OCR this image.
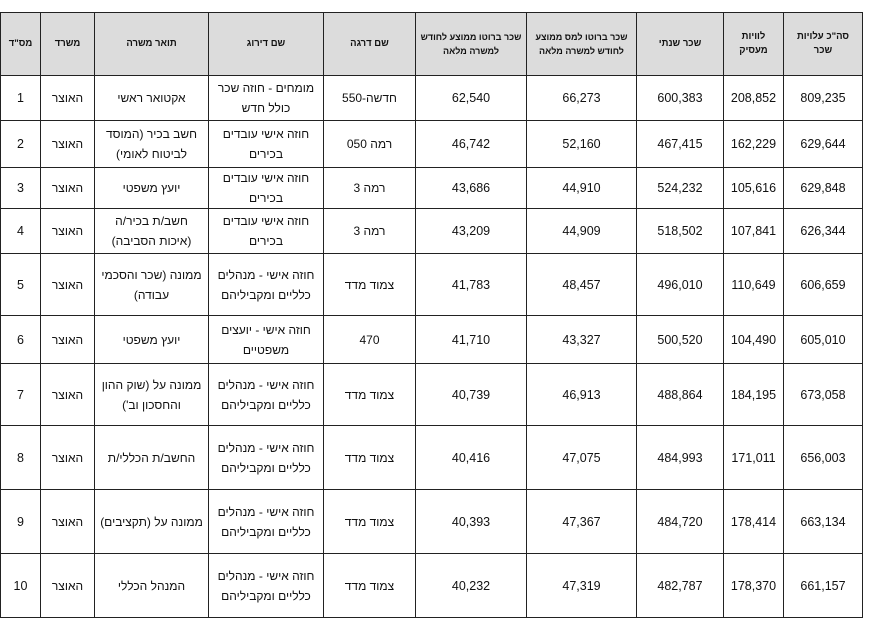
מס"ד	משרד	תואר משרה	שם דירוג	שם דרגה	שכר ברוטו ממוצע לחודש למשרה מלאה	שכר ברוטו למס ממוצע לחודש למשרה מלאה	שכר שנתי	לוויות מעסיק	סה"כ עלויות שכר
1	האוצר	אקטואר ראשי	מומחים - חוזה שכר כולל חדש	חדשה-550	62,540	66,273	600,383	208,852	809,235
2	האוצר	חשב בכיר (המוסד לביטוח לאומי)	חוזה אישי עובדים בכירים	רמה 050	46,742	52,160	467,415	162,229	629,644
3	האוצר	יועץ משפטי	חוזה אישי עובדים בכירים	רמה 3	43,686	44,910	524,232	105,616	629,848
4	האוצר	חשב/ת בכיר/ה (איכות הסביבה)	חוזה אישי עובדים בכירים	רמה 3	43,209	44,909	518,502	107,841	626,344
5	האוצר	ממונה (שכר והסכמי עבודה)	חוזה אישי - מנהלים כלליים ומקביליהם	צמוד מדד	41,783	48,457	496,010	110,649	606,659
6	האוצר	יועץ משפטי	חוזה אישי - יועצים משפטיים	470	41,710	43,327	500,520	104,490	605,010
7	האוצר	ממונה על (שוק ההון והחסכון וב')	חוזה אישי - מנהלים כלליים ומקביליהם	צמוד מדד	40,739	46,913	488,864	184,195	673,058
8	האוצר	החשב/ת הכללי/ת	חוזה אישי - מנהלים כלליים ומקביליהם	צמוד מדד	40,416	47,075	484,993	171,011	656,003
9	האוצר	ממונה על (תקציבים)	חוזה אישי - מנהלים כלליים ומקביליהם	צמוד מדד	40,393	47,367	484,720	178,414	663,134
10	האוצר	המנהל הכללי	חוזה אישי - מנהלים כלליים ומקביליהם	צמוד מדד	40,232	47,319	482,787	178,370	661,157
